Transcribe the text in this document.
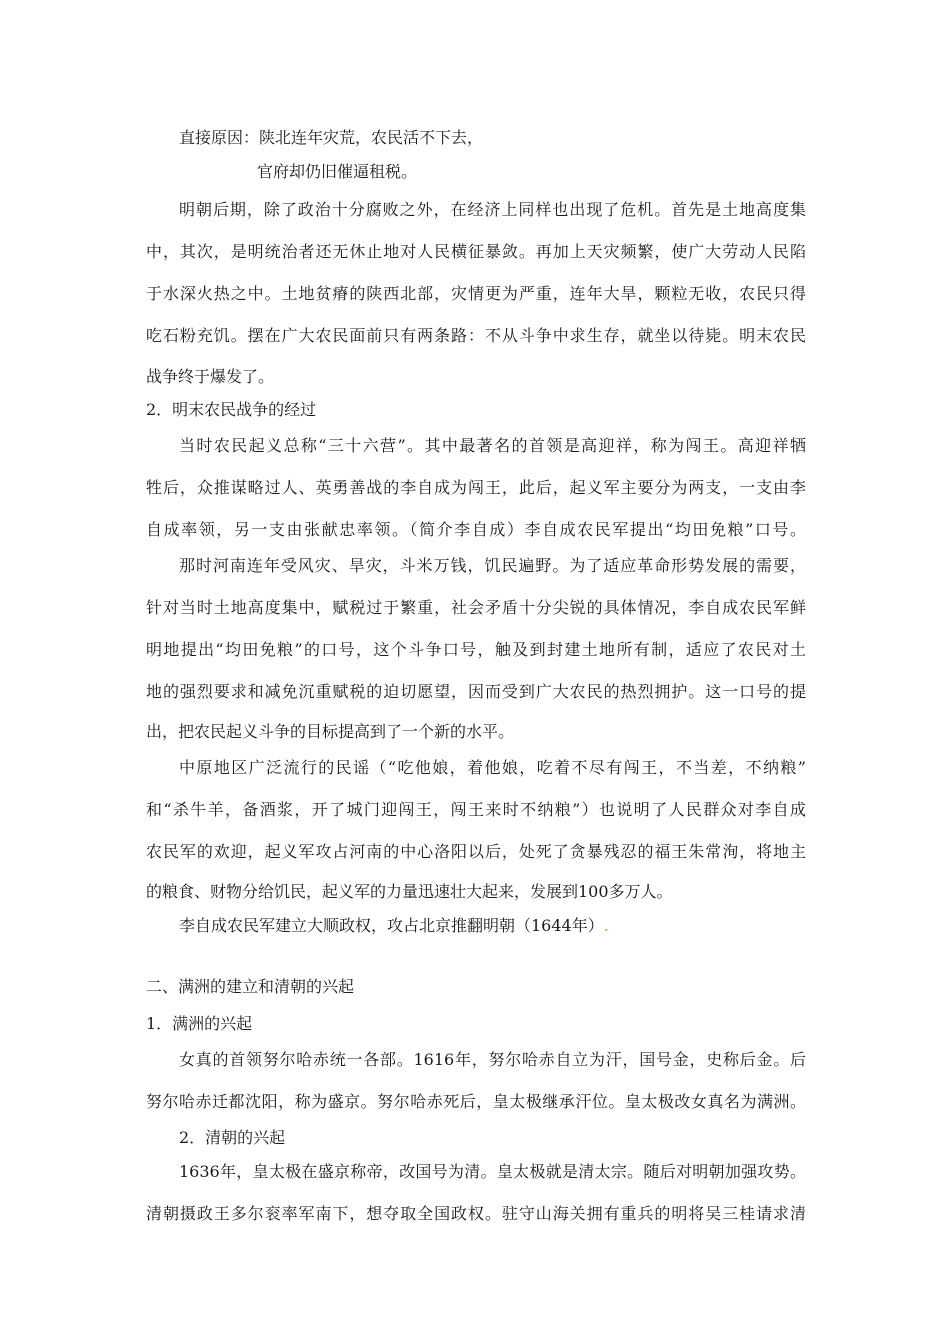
直接原因：陕北连年灾荒，农民活不下去，
官府却仍旧催逼租税。
明朝后期，除了政治十分腐败之外，在经济上同样也出现了危机。首先是土地高度集
中，其次，是明统治者还无休止地对人民横征暴敛。再加上天灾频繁，使广大劳动人民陷
于水深火热之中。土地贫瘠的陕西北部，灾情更为严重，连年大旱，颗粒无收，农民只得
吃石粉充饥。摆在广大农民面前只有两条路：不从斗争中求生存，就坐以待毙。明末农民
战争终于爆发了。
2．明末农民战争的经过
当时农民起义总称“三十六营”。其中最著名的首领是高迎祥，称为闯王。高迎祥牺
牲后，众推谋略过人、英勇善战的李自成为闯王，此后，起义军主要分为两支，一支由李
自成率领，另一支由张献忠率领。（简介李自成）李自成农民军提出“均田免粮”口号。
那时河南连年受风灾、旱灾，斗米万钱，饥民遍野。为了适应革命形势发展的需要，
针对当时土地高度集中，赋税过于繁重，社会矛盾十分尖锐的具体情况，李自成农民军鲜
明地提出“均田免粮”的口号，这个斗争口号，触及到封建土地所有制，适应了农民对土
地的强烈要求和减免沉重赋税的迫切愿望，因而受到广大农民的热烈拥护。这一口号的提
出，把农民起义斗争的目标提高到了一个新的水平。
中原地区广泛流行的民谣（“吃他娘，着他娘，吃着不尽有闯王，不当差，不纳粮”
和“杀牛羊，备酒浆，开了城门迎闯王，闯王来时不纳粮”）也说明了人民群众对李自成
农民军的欢迎，起义军攻占河南的中心洛阳以后，处死了贪暴残忍的福王朱常洵，将地主
的粮食、财物分给饥民，起义军的力量迅速壮大起来，发展到100多万人。
李自成农民军建立大顺政权，攻占北京推翻明朝（1644年）.
二、满洲的建立和清朝的兴起
1．满洲的兴起
女真的首领努尔哈赤统一各部。1616年，努尔哈赤自立为汗，国号金，史称后金。后
努尔哈赤迁都沈阳，称为盛京。努尔哈赤死后，皇太极继承汗位。皇太极改女真名为满洲。
2．清朝的兴起
1636年，皇太极在盛京称帝，改国号为清。皇太极就是清太宗。随后对明朝加强攻势。
清朝摄政王多尔衮率军南下，想夺取全国政权。驻守山海关拥有重兵的明将吴三桂请求清
